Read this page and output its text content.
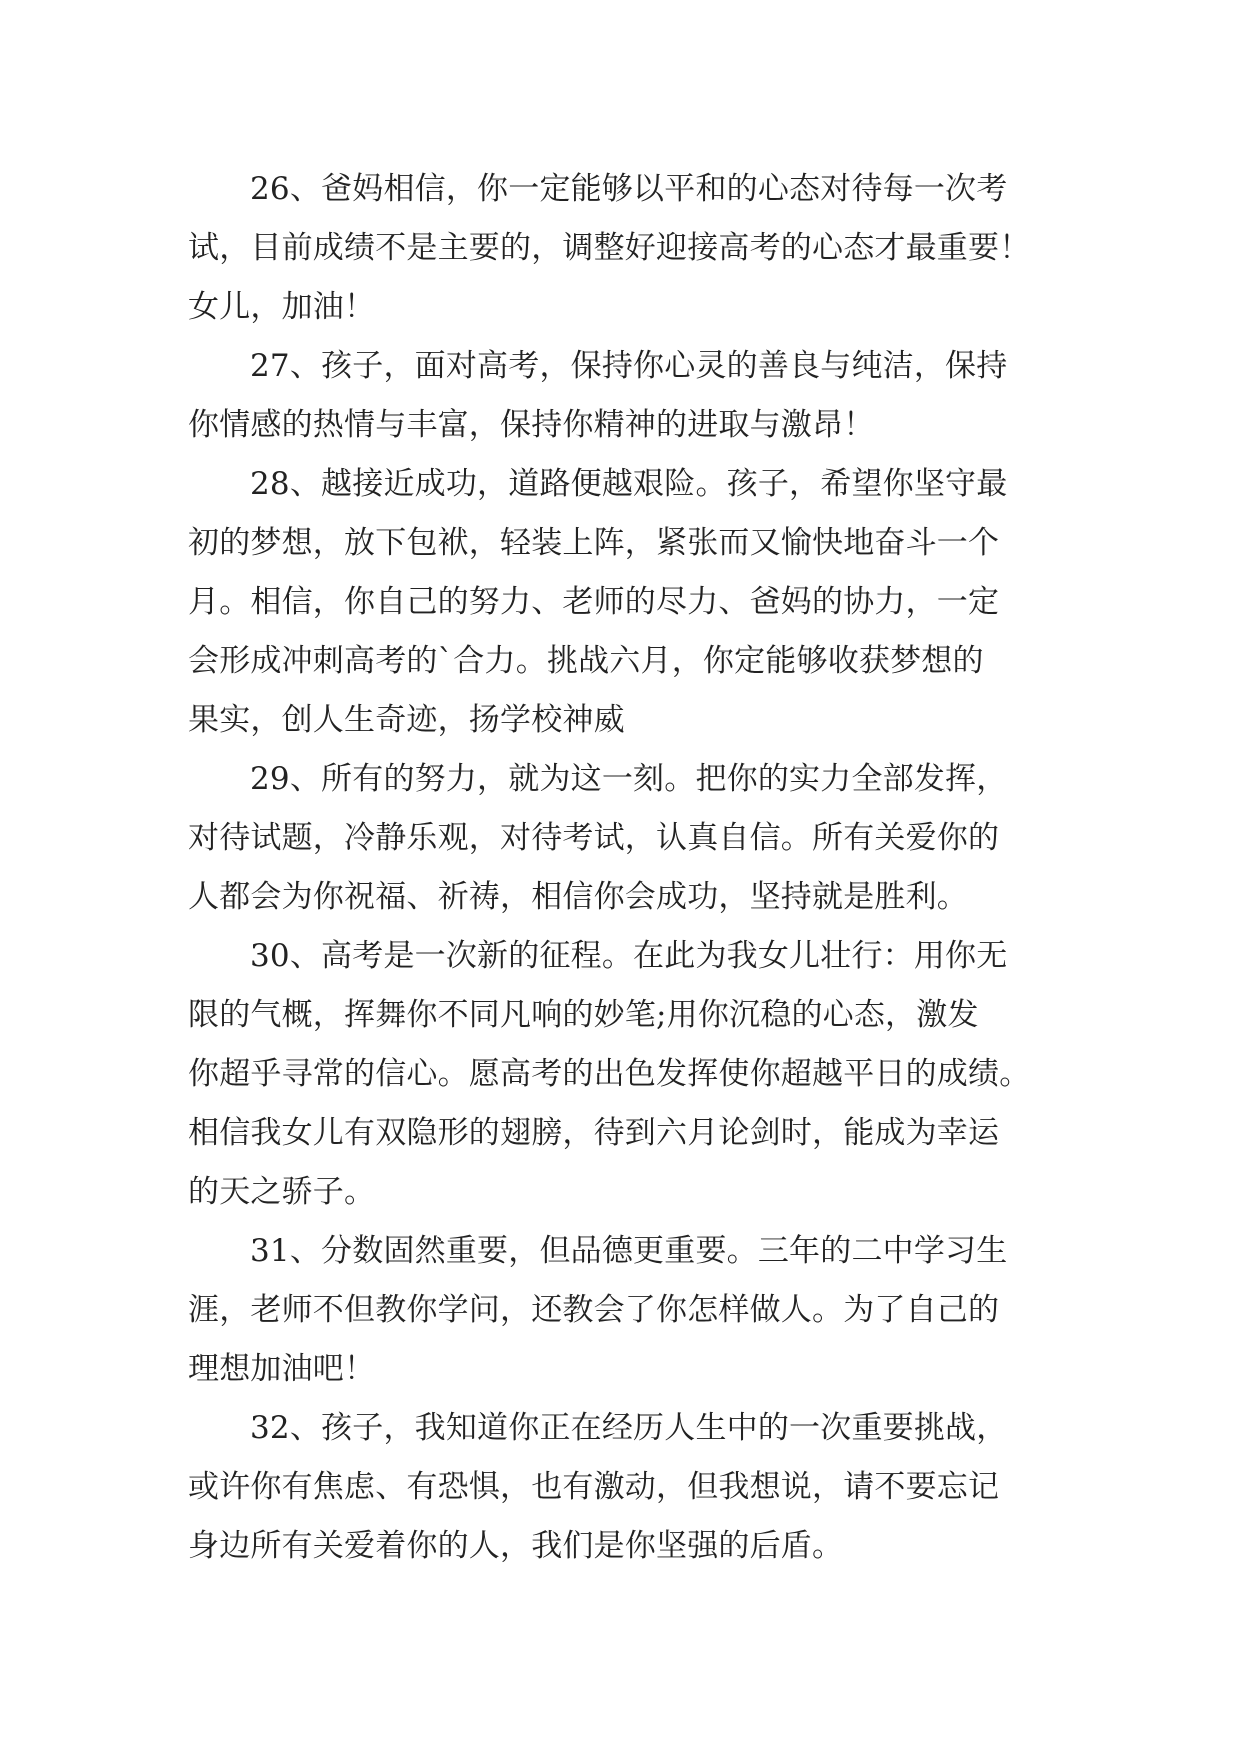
26、爸妈相信，你一定能够以平和的心态对待每一次考
试，目前成绩不是主要的，调整好迎接高考的心态才最重要！
女儿，加油！
27、孩子，面对高考，保持你心灵的善良与纯洁，保持
你情感的热情与丰富，保持你精神的进取与激昂！
28、越接近成功，道路便越艰险。孩子，希望你坚守最
初的梦想，放下包袱，轻装上阵，紧张而又愉快地奋斗一个
月。相信，你自己的努力、老师的尽力、爸妈的协力，一定
会形成冲刺高考的`合力。挑战六月，你定能够收获梦想的
果实，创人生奇迹，扬学校神威
29、所有的努力，就为这一刻。把你的实力全部发挥，
对待试题，冷静乐观，对待考试，认真自信。所有关爱你的
人都会为你祝福、祈祷，相信你会成功，坚持就是胜利。
30、高考是一次新的征程。在此为我女儿壮行：用你无
限的气概，挥舞你不同凡响的妙笔;用你沉稳的心态，激发
你超乎寻常的信心。愿高考的出色发挥使你超越平日的成绩。
相信我女儿有双隐形的翅膀，待到六月论剑时，能成为幸运
的天之骄子。
31、分数固然重要，但品德更重要。三年的二中学习生
涯，老师不但教你学问，还教会了你怎样做人。为了自己的
理想加油吧！
32、孩子，我知道你正在经历人生中的一次重要挑战，
或许你有焦虑、有恐惧，也有激动，但我想说，请不要忘记
身边所有关爱着你的人，我们是你坚强的后盾。
